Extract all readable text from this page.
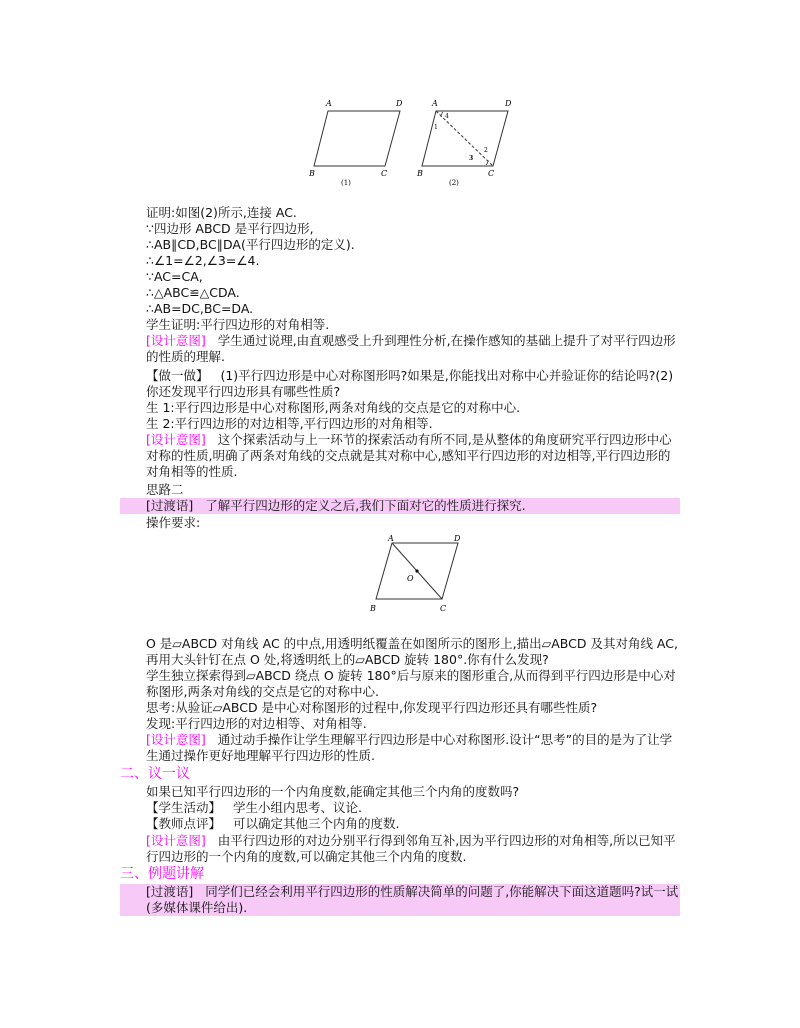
A	D
B	C
(1)
A	D
B	C
1
4
3
2
(2)
证明:如图(2)所示,连接 AC.
∵四边形 ABCD 是平行四边形,
∴AB∥CD,BC∥DA(平行四边形的定义).
∴∠1=∠2,∠3=∠4.
∵AC=CA,
∴△ABC≌△CDA.
∴AB=DC,BC=DA.
学生证明:平行四边形的对角相等.
[设计意图] 学生通过说理,由直观感受上升到理性分析,在操作感知的基础上提升了对平行四边形的性质的理解.
【做一做】 (1)平行四边形是中心对称图形吗?如果是,你能找出对称中心并验证你的结论吗?(2)你还发现平行四边形具有哪些性质?
生 1:平行四边形是中心对称图形,两条对角线的交点是它的对称中心.
生 2:平行四边形的对边相等,平行四边形的对角相等.
[设计意图] 这个探索活动与上一环节的探索活动有所不同,是从整体的角度研究平行四边形中心对称的性质,明确了两条对角线的交点就是其对称中心,感知平行四边形的对边相等,平行四边形的对角相等的性质.
思路二
[过渡语] 了解平行四边形的定义之后,我们下面对它的性质进行探究.
操作要求:
A	D
B	C
O
O 是▱ABCD 对角线 AC 的中点,用透明纸覆盖在如图所示的图形上,描出▱ABCD 及其对角线 AC,再用大头针钉在点 O 处,将透明纸上的▱ABCD 旋转 180°.你有什么发现?
学生独立探索得到▱ABCD 绕点 O 旋转 180°后与原来的图形重合,从而得到平行四边形是中心对称图形,两条对角线的交点是它的对称中心.
思考:从验证▱ABCD 是中心对称图形的过程中,你发现平行四边形还具有哪些性质?
发现:平行四边形的对边相等、对角相等.
[设计意图] 通过动手操作让学生理解平行四边形是中心对称图形.设计“思考”的目的是为了让学生通过操作更好地理解平行四边形的性质.
二、议一议
如果已知平行四边形的一个内角度数,能确定其他三个内角的度数吗?
【学生活动】 学生小组内思考、议论.
【教师点评】 可以确定其他三个内角的度数.
[设计意图] 由平行四边形的对边分别平行得到邻角互补,因为平行四边形的对角相等,所以已知平行四边形的一个内角的度数,可以确定其他三个内角的度数.
三、例题讲解
[过渡语] 同学们已经会利用平行四边形的性质解决简单的问题了,你能解决下面这道题吗?试一试(多媒体课件给出).
